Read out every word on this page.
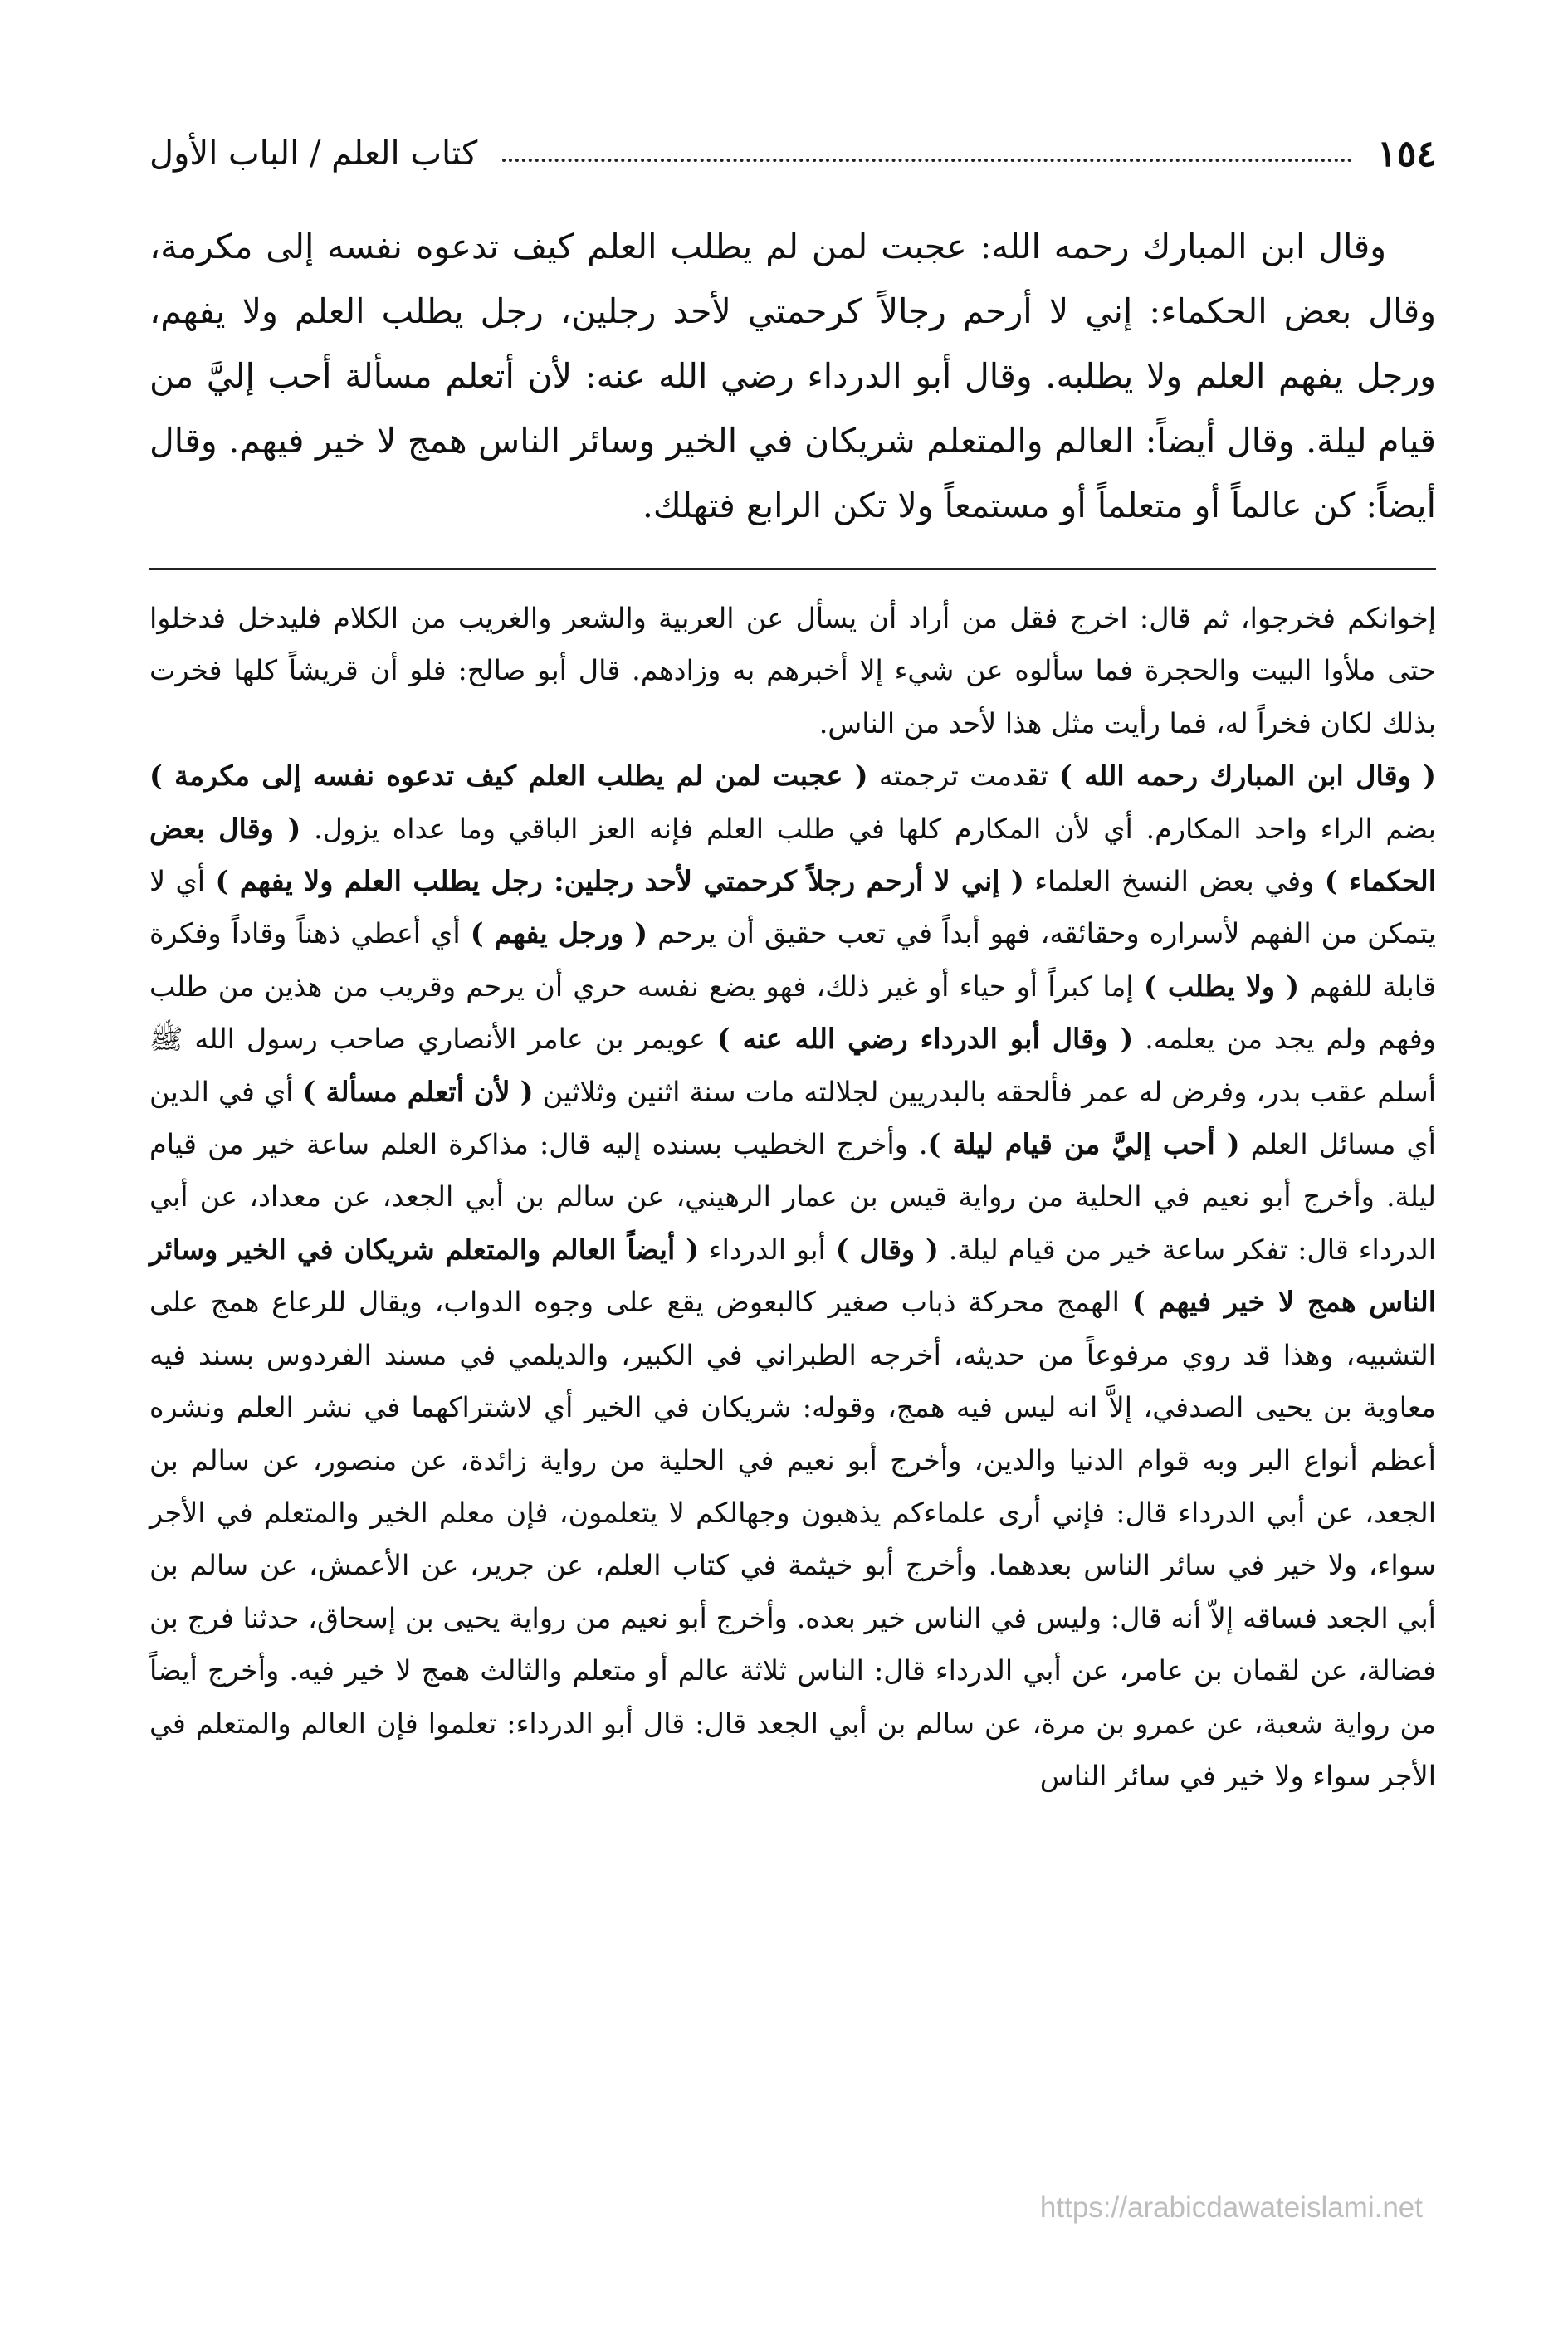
١٥٤
كتاب العلم / الباب الأول

وقال ابن المبارك رحمه الله: عجبت لمن لم يطلب العلم كيف تدعوه نفسه إلى مكرمة، وقال بعض الحكماء: إني لا أرحم رجالاً كرحمتي لأحد رجلين، رجل يطلب العلم ولا يفهم، ورجل يفهم العلم ولا يطلبه. وقال أبو الدرداء رضي الله عنه: لأن أتعلم مسألة أحب إليَّ من قيام ليلة. وقال أيضاً: العالم والمتعلم شريكان في الخير وسائر الناس همج لا خير فيهم. وقال أيضاً: كن عالماً أو متعلماً أو مستمعاً ولا تكن الرابع فتهلك.

إخوانكم فخرجوا، ثم قال: اخرج فقل من أراد أن يسأل عن العربية والشعر والغريب من الكلام فليدخل فدخلوا حتى ملأوا البيت والحجرة فما سألوه عن شيء إلا أخبرهم به وزادهم. قال أبو صالح: فلو أن قريشاً كلها فخرت بذلك لكان فخراً له، فما رأيت مثل هذا لأحد من الناس.

( وقال ابن المبارك رحمه الله ) تقدمت ترجمته ( عجبت لمن لم يطلب العلم كيف تدعوه نفسه إلى مكرمة ) بضم الراء واحد المكارم. أي لأن المكارم كلها في طلب العلم فإنه العز الباقي وما عداه يزول. ( وقال بعض الحكماء ) وفي بعض النسخ العلماء ( إني لا أرحم رجلاً كرحمتي لأحد رجلين: رجل يطلب العلم ولا يفهم ) أي لا يتمكن من الفهم لأسراره وحقائقه، فهو أبداً في تعب حقيق أن يرحم ( ورجل يفهم ) أي أعطي ذهناً وقاداً وفكرة قابلة للفهم ( ولا يطلب ) إما كبراً أو حياء أو غير ذلك، فهو يضع نفسه حري أن يرحم وقريب من هذين من طلب وفهم ولم يجد من يعلمه. ( وقال أبو الدرداء رضي الله عنه ) عويمر بن عامر الأنصاري صاحب رسول الله ﷺ أسلم عقب بدر، وفرض له عمر فألحقه بالبدريين لجلالته مات سنة اثنين وثلاثين ( لأن أتعلم مسألة ) أي في الدين أي مسائل العلم ( أحب إليَّ من قيام ليلة ). وأخرج الخطيب بسنده إليه قال: مذاكرة العلم ساعة خير من قيام ليلة. وأخرج أبو نعيم في الحلية من رواية قيس بن عمار الرهيني، عن سالم بن أبي الجعد، عن معداد، عن أبي الدرداء قال: تفكر ساعة خير من قيام ليلة. ( وقال ) أبو الدرداء ( أيضاً العالم والمتعلم شريكان في الخير وسائر الناس همج لا خير فيهم ) الهمج محركة ذباب صغير كالبعوض يقع على وجوه الدواب، ويقال للرعاع همج على التشبيه، وهذا قد روي مرفوعاً من حديثه، أخرجه الطبراني في الكبير، والديلمي في مسند الفردوس بسند فيه معاوية بن يحيى الصدفي، إلاَّ انه ليس فيه همج، وقوله: شريكان في الخير أي لاشتراكهما في نشر العلم ونشره أعظم أنواع البر وبه قوام الدنيا والدين، وأخرج أبو نعيم في الحلية من رواية زائدة، عن منصور، عن سالم بن الجعد، عن أبي الدرداء قال: فإني أرى علماءكم يذهبون وجهالكم لا يتعلمون، فإن معلم الخير والمتعلم في الأجر سواء، ولا خير في سائر الناس بعدهما. وأخرج أبو خيثمة في كتاب العلم، عن جرير، عن الأعمش، عن سالم بن أبي الجعد فساقه إلاّ أنه قال: وليس في الناس خير بعده. وأخرج أبو نعيم من رواية يحيى بن إسحاق، حدثنا فرج بن فضالة، عن لقمان بن عامر، عن أبي الدرداء قال: الناس ثلاثة عالم أو متعلم والثالث همج لا خير فيه. وأخرج أيضاً من رواية شعبة، عن عمرو بن مرة، عن سالم بن أبي الجعد قال: قال أبو الدرداء: تعلموا فإن العالم والمتعلم في الأجر سواء ولا خير في سائر الناس

https://arabicdawateislami.net
